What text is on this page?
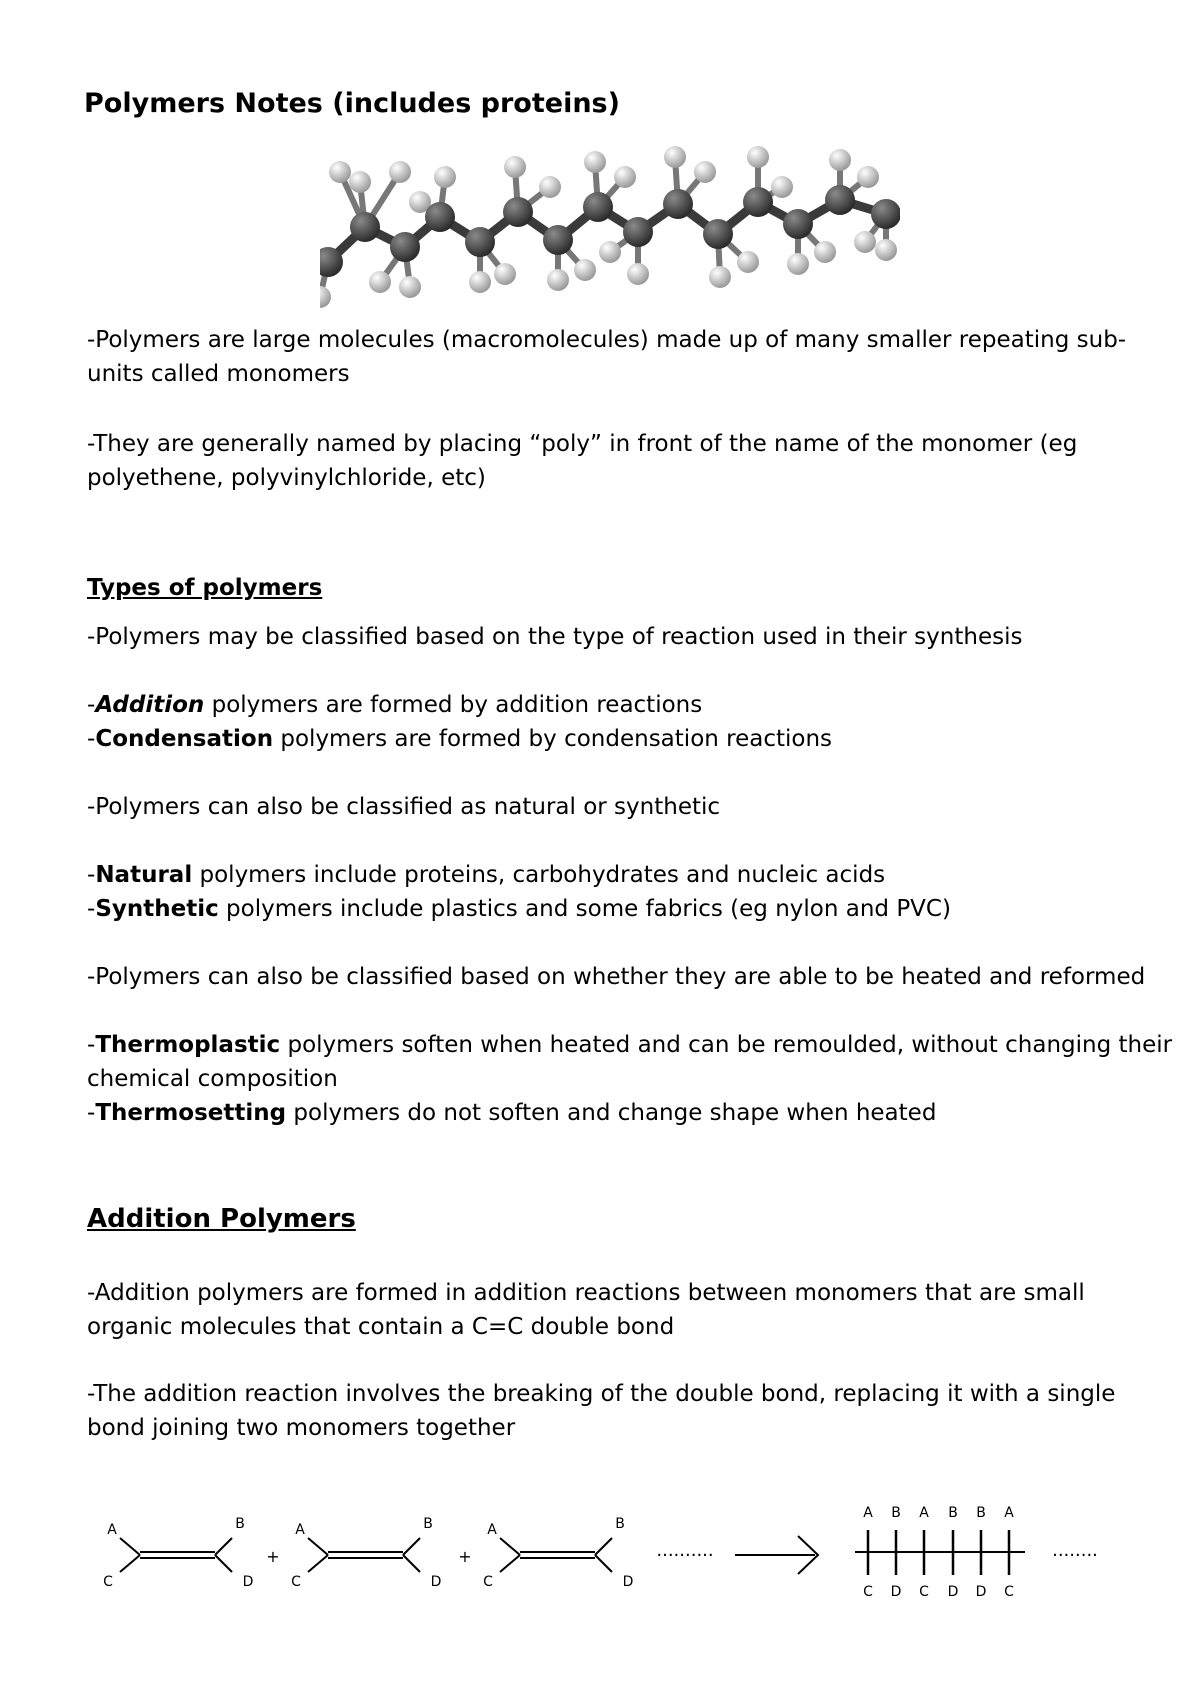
Polymers Notes (includes proteins)

-Polymers are large molecules (macromolecules) made up of many smaller repeating sub-

units called monomers

-They are generally named by placing “poly” in front of the name of the monomer (eg

polyethene, polyvinylchloride, etc)

Types of polymers

-Polymers may be classified based on the type of reaction used in their synthesis

-Addition polymers are formed by addition reactions

-Condensation polymers are formed by condensation reactions

-Polymers can also be classified as natural or synthetic

-Natural polymers include proteins, carbohydrates and nucleic acids

-Synthetic polymers include plastics and some fabrics (eg nylon and PVC)

-Polymers can also be classified based on whether they are able to be heated and reformed

-Thermoplastic polymers soften when heated and can be remoulded, without changing their

chemical composition

-Thermosetting polymers do not soften and change shape when heated

Addition Polymers

-Addition polymers are formed in addition reactions between monomers that are small

organic molecules that contain a C=C double bond

-The addition reaction involves the breaking of the double bond, replacing it with a single

bond joining two monomers together

A	B
C	D
+
A	B
C	D
+
A	B
C	D
..........
A
C
B
D
A
C
B
D
B
D
A
C
........
